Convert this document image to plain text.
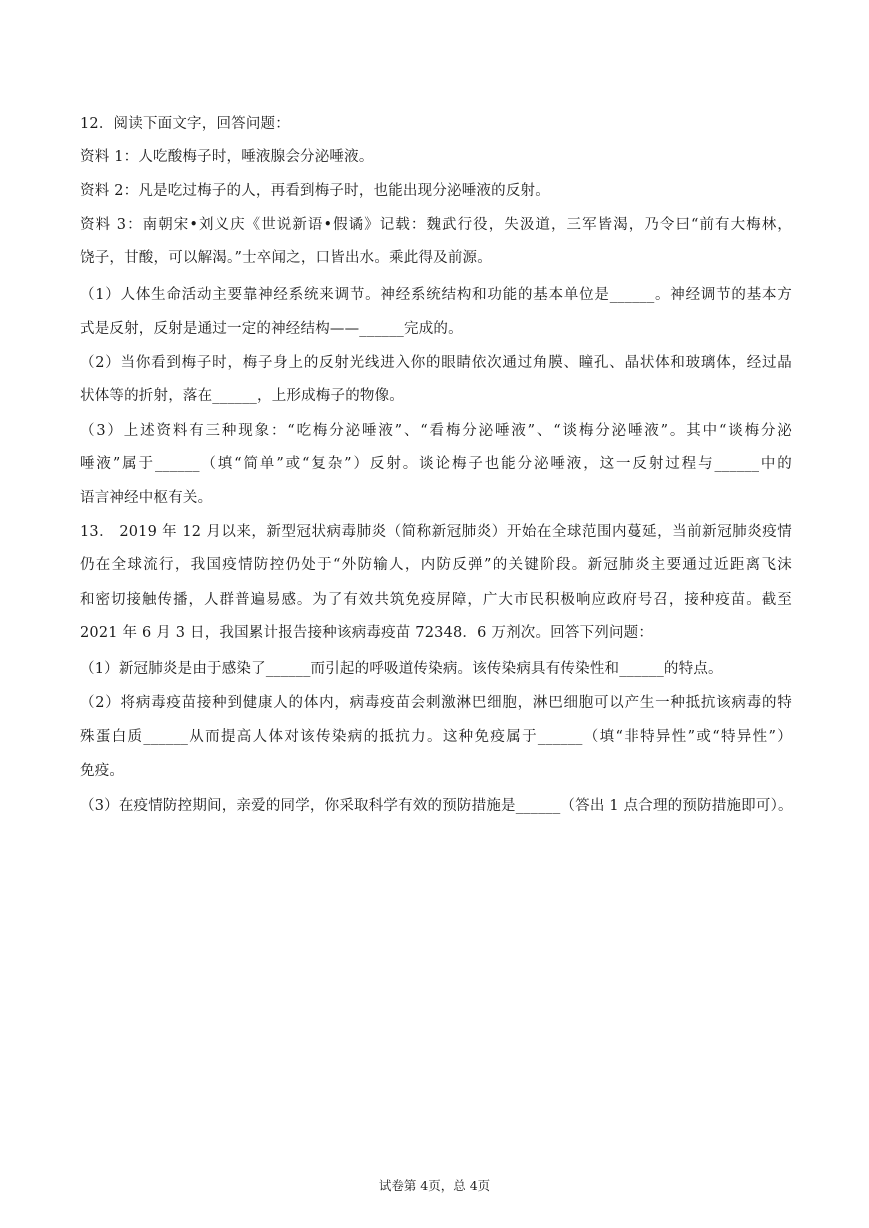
12．阅读下面文字，回答问题：
资料 1：人吃酸梅子时，唾液腺会分泌唾液。
资料 2：凡是吃过梅子的人，再看到梅子时，也能出现分泌唾液的反射。
资料 3：南朝宋•刘义庆《世说新语•假谲》记载：魏武行役，失汲道，三军皆渴，乃令曰“前有大梅林，
饶子，甘酸，可以解渴。”士卒闻之，口皆出水。乘此得及前源。
（1）人体生命活动主要靠神经系统来调节。神经系统结构和功能的基本单位是______。神经调节的基本方
式是反射，反射是通过一定的神经结构——______完成的。
（2）当你看到梅子时，梅子身上的反射光线进入你的眼睛依次通过角膜、瞳孔、晶状体和玻璃体，经过晶
状体等的折射，落在______，上形成梅子的物像。
（3）上述资料有三种现象：“吃梅分泌唾液”、“看梅分泌唾液”、“谈梅分泌唾液”。其中“谈梅分泌
唾液”属于______（填“简单”或“复杂”）反射。谈论梅子也能分泌唾液，这一反射过程与______中的
语言神经中枢有关。
13． 2019 年 12 月以来，新型冠状病毒肺炎（简称新冠肺炎）开始在全球范围内蔓延，当前新冠肺炎疫情
仍在全球流行，我国疫情防控仍处于“外防输人，内防反弹”的关键阶段。新冠肺炎主要通过近距离飞沫
和密切接触传播，人群普遍易感。为了有效共筑免疫屏障，广大市民积极响应政府号召，接种疫苗。截至
2021 年 6 月 3 日，我国累计报告接种该病毒疫苗 72348．6 万剂次。回答下列问题：
（1）新冠肺炎是由于感染了______而引起的呼吸道传染病。该传染病具有传染性和______的特点。
（2）将病毒疫苗接种到健康人的体内，病毒疫苗会刺激淋巴细胞，淋巴细胞可以产生一种抵抗该病毒的特
殊蛋白质______从而提高人体对该传染病的抵抗力。这种免疫属于______（填“非特异性”或“特异性”）
免疫。
（3）在疫情防控期间，亲爱的同学，你采取科学有效的预防措施是______（答出 1 点合理的预防措施即可）。
试卷第 4页，总 4页
